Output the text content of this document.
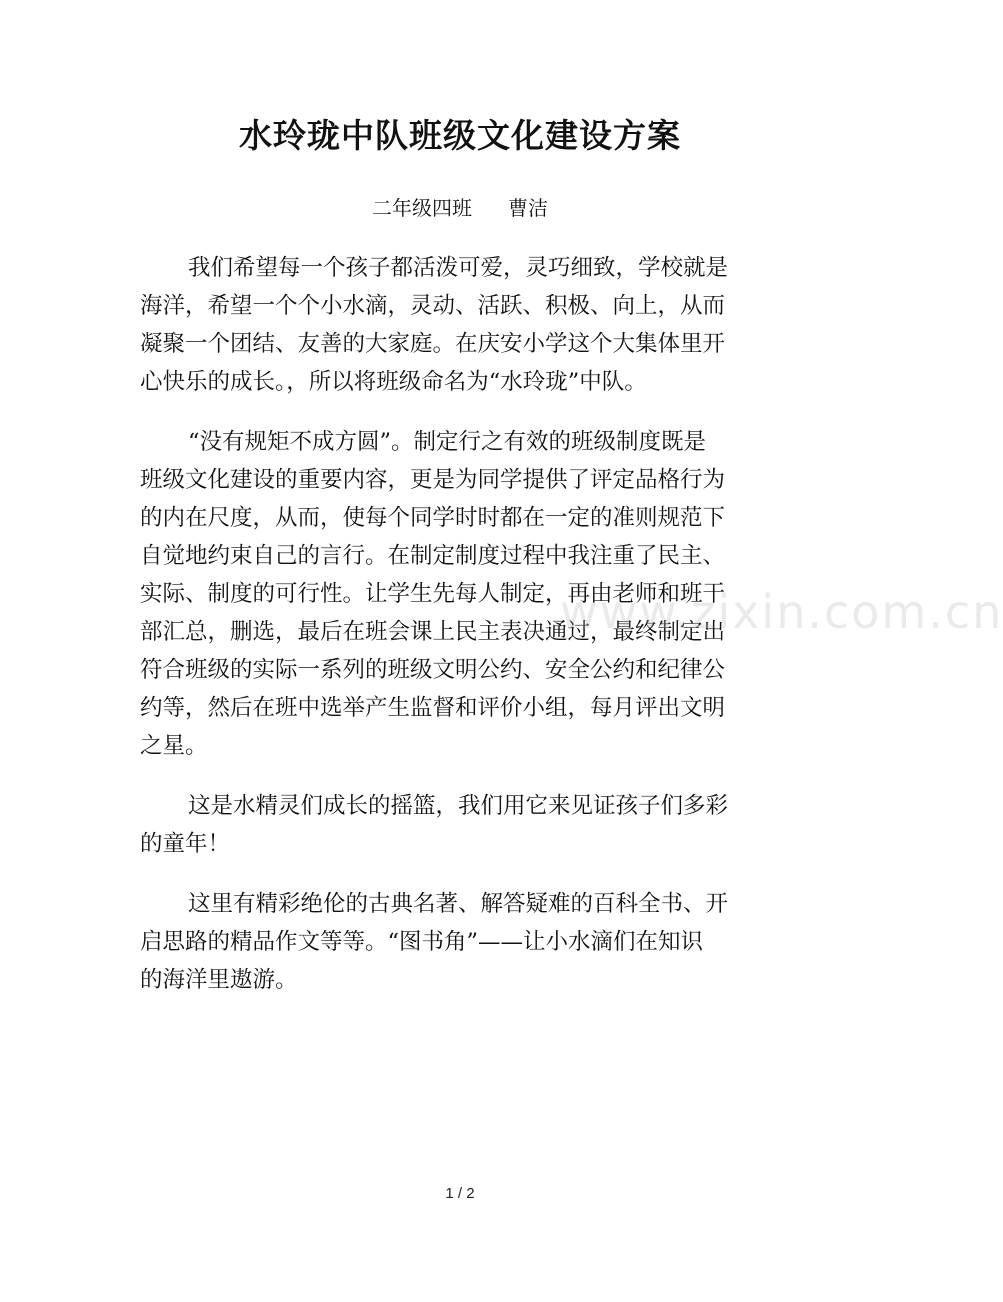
水玲珑中队班级文化建设方案
二年级四班 曹洁
我们希望每一个孩子都活泼可爱，灵巧细致，学校就是
海洋，希望一个个小水滴，灵动、活跃、积极、向上，从而
凝聚一个团结、友善的大家庭。在庆安小学这个大集体里开
心快乐的成长。，所以将班级命名为“水玲珑”中队。
“没有规矩不成方圆”。制定行之有效的班级制度既是
班级文化建设的重要内容，更是为同学提供了评定品格行为
的内在尺度，从而，使每个同学时时都在一定的准则规范下
自觉地约束自己的言行。在制定制度过程中我注重了民主、
实际、制度的可行性。让学生先每人制定，再由老师和班干
部汇总，删选，最后在班会课上民主表决通过，最终制定出
符合班级的实际一系列的班级文明公约、安全公约和纪律公
约等，然后在班中选举产生监督和评价小组，每月评出文明
之星。
这是水精灵们成长的摇篮，我们用它来见证孩子们多彩
的童年！
这里有精彩绝伦的古典名著、解答疑难的百科全书、开
启思路的精品作文等等。“图书角”——让小水滴们在知识
的海洋里遨游。
www.zixin.com.cn
1 / 2
